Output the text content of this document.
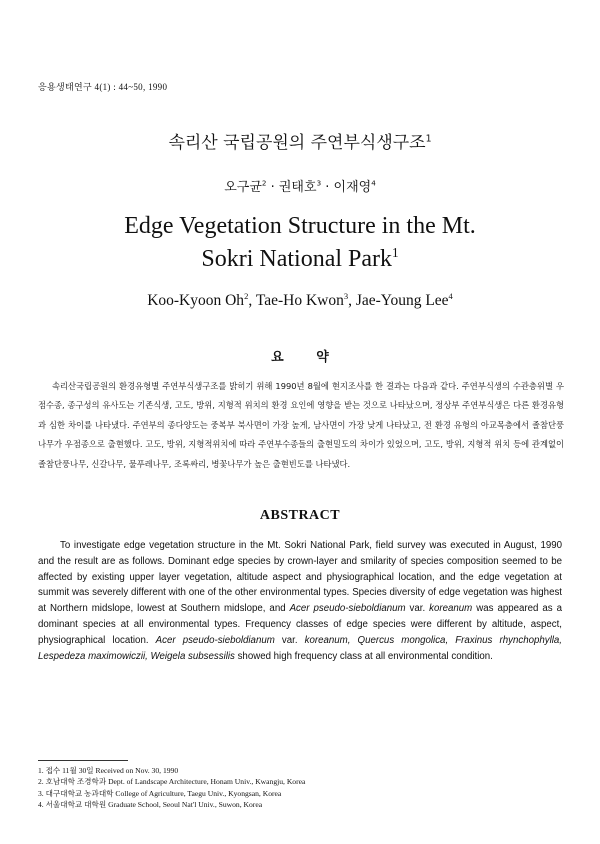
응용생태연구 4(1) : 44~50, 1990
속리산 국립공원의 주연부식생구조$^1$
오구균$^2$ · 권태호$^3$ · 이재영$^4$
Edge Vegetation Structure in the Mt.
Sokri National Park$^1$
Koo-Kyoon Oh$^2$, Tae-Ho Kwon$^3$, Jae-Young Lee$^4$
요 약

속리산국립공원의 환경유형별 주연부식생구조를 밝히기 위해 1990년 8월에 현지조사를 한 결과는 다음과 같다. 주연부식생의 수관층위별 우점수종, 종구성의 유사도는 기존식생, 고도, 방위, 지형적 위치의 환경 요인에 영향을 받는 것으로 나타났으며, 정상부 주연부식생은 다른 환경유형과 심한 차이를 나타냈다. 주연부의 종다양도는 중복부 북사면이 가장 높게, 남사면이 가장 낮게 나타났고, 전 환경 유형의 아교목층에서 졸참단풍나무가 우점종으로 출현했다. 고도, 방위, 지형적위치에 따라 주연부수종들의 출현밀도의 차이가 있었으며, 고도, 방위, 지형적 위치 등에 관계없이 졸참단풍나무, 신갈나무, 물푸레나무, 조록싸리, 병꽃나무가 높은 출현빈도를 나타냈다.

ABSTRACT

To investigate edge vegetation structure in the Mt. Sokri National Park, field survey was executed in August, 1990 and the result are as follows. Dominant edge species by crown-layer and smilarity of species composition seemed to be affected by existing upper layer vegetation, altitude aspect and physiographical location, and the edge vegetation at summit was severely different with one of the other environmental types. Species diversity of edge vegetation was highest at Northern midslope, lowest at Southern midslope, and Acer pseudo-sieboldianum var. koreanum was appeared as a dominant species at all environmental types. Frequency classes of edge species were different by altitude, aspect, physiographical location. Acer pseudo-sieboldianum var. koreanum, Quercus mongolica, Fraxinus rhynchophylla, Lespedeza maximowiczii, Weigela subsessilis showed high frequency class at all environmental condition.

1. 접수 11월 30일 Received on Nov. 30, 1990
2. 호남대학 조경학과 Dept. of Landscape Architecture, Honam Univ., Kwangju, Korea
3. 대구대학교 농과대학 College of Agriculture, Taegu Univ., Kyongsan, Korea
4. 서울대학교 대학원 Graduate School, Seoul Nat'l Univ., Suwon, Korea
